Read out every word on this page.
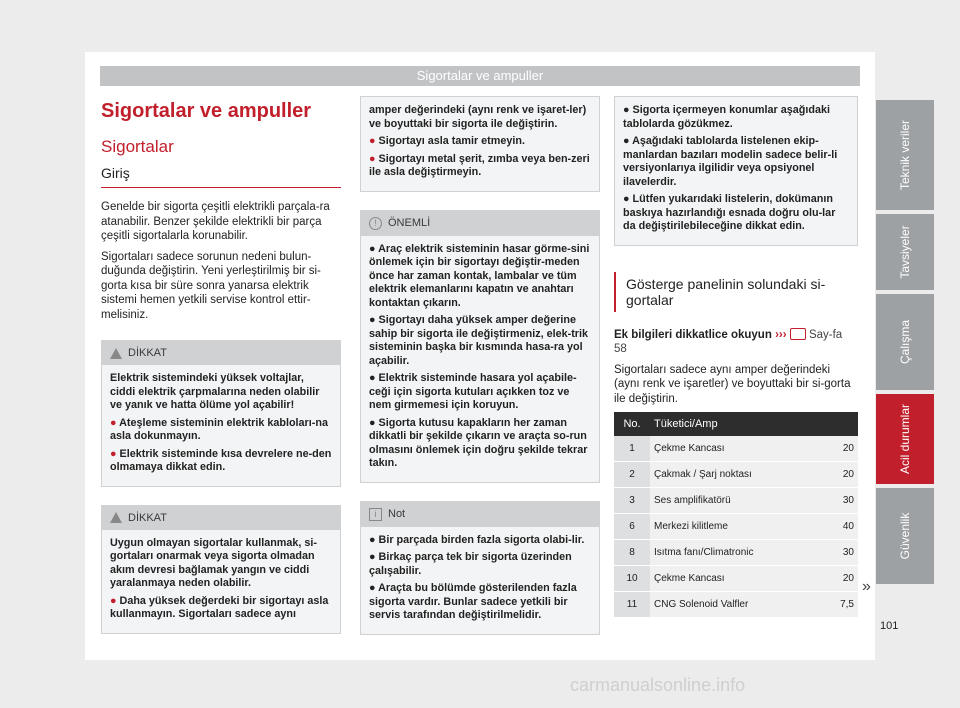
Sigortalar ve ampuller
Sigortalar ve ampuller
Sigortalar
Giriş

Genelde bir sigorta çeşitli elektrikli parçala-ra atanabilir. Benzer şekilde elektrikli bir parça çeşitli sigortalarla korunabilir.

Sigortaları sadece sorunun nedeni bulun-duğunda değiştirin. Yeni yerleştirilmiş bir si-gorta kısa bir süre sonra yanarsa elektrik sistemi hemen yetkili servise kontrol ettir-melisiniz.

DİKKAT
Elektrik sistemindeki yüksek voltajlar, ciddi elektrik çarpmalarına neden olabilir ve yanık ve hatta ölüme yol açabilir!
● Ateşleme sisteminin elektrik kabloları-na asla dokunmayın.
● Elektrik sisteminde kısa devrelere ne-den olmamaya dikkat edin.
DİKKAT
Uygun olmayan sigortalar kullanmak, si-gortaları onarmak veya sigorta olmadan akım devresi bağlamak yangın ve ciddi yaralanmaya neden olabilir.
● Daha yüksek değerdeki bir sigortayı asla kullanmayın. Sigortaları sadece aynı
amper değerindeki (aynı renk ve işaret-ler) ve boyuttaki bir sigorta ile değiştirin.
● Sigortayı asla tamir etmeyin.
● Sigortayı metal şerit, zımba veya ben-zeri ile asla değiştirmeyin.
!	ÖNEMLİ
● Araç elektrik sisteminin hasar görme-sini önlemek için bir sigortayı değiştir-meden önce har zaman kontak, lambalar ve tüm elektrik elemanlarını kapatın ve anahtarı kontaktan çıkarın.
● Sigortayı daha yüksek amper değerine sahip bir sigorta ile değiştirmeniz, elek-trik sisteminin başka bir kısmında hasa-ra yol açabilir.
● Elektrik sisteminde hasara yol açabile-ceği için sigorta kutuları açıkken toz ve nem girmemesi için koruyun.
● Sigorta kutusu kapakların her zaman dikkatli bir şekilde çıkarın ve araçta so-run olmasını önlemek için doğru şekilde tekrar takın.
i	Not
● Bir parçada birden fazla sigorta olabi-lir.
● Birkaç parça tek bir sigorta üzerinden çalışabilir.
● Araçta bu bölümde gösterilenden fazla sigorta vardır. Bunlar sadece yetkili bir servis tarafından değiştirilmelidir.
● Sigorta içermeyen konumlar aşağıdaki tablolarda gözükmez.
● Aşağıdaki tablolarda listelenen ekip-manlardan bazıları modelin sadece belir-li versiyonlarıya ilgilidir veya opsiyonel ilavelerdir.
● Lütfen yukarıdaki listelerin, dokümanın baskıya hazırlandığı esnada doğru olu-lar da değiştirilebileceğine dikkat edin.
Gösterge panelinin solundaki si-gortalar

Ek bilgileri dikkatlice okuyun ››› Say-fa 58

Sigortaları sadece aynı amper değerindeki (aynı renk ve işaretler) ve boyuttaki bir si-gorta ile değiştirin.

No.	Tüketici/Amp	
1	Çekme Kancası	20
2	Çakmak / Şarj noktası	20
3	Ses amplifikatörü	30
6	Merkezi kilitleme	40
8	Isıtma fanı/Climatronic	30
10	Çekme Kancası	20
11	CNG Solenoid Valfler	7,5
Teknik veriler
Tavsiyeler
Çalışma
Acil durumlar
Güvenlik
»
101
carmanualsonline.info
